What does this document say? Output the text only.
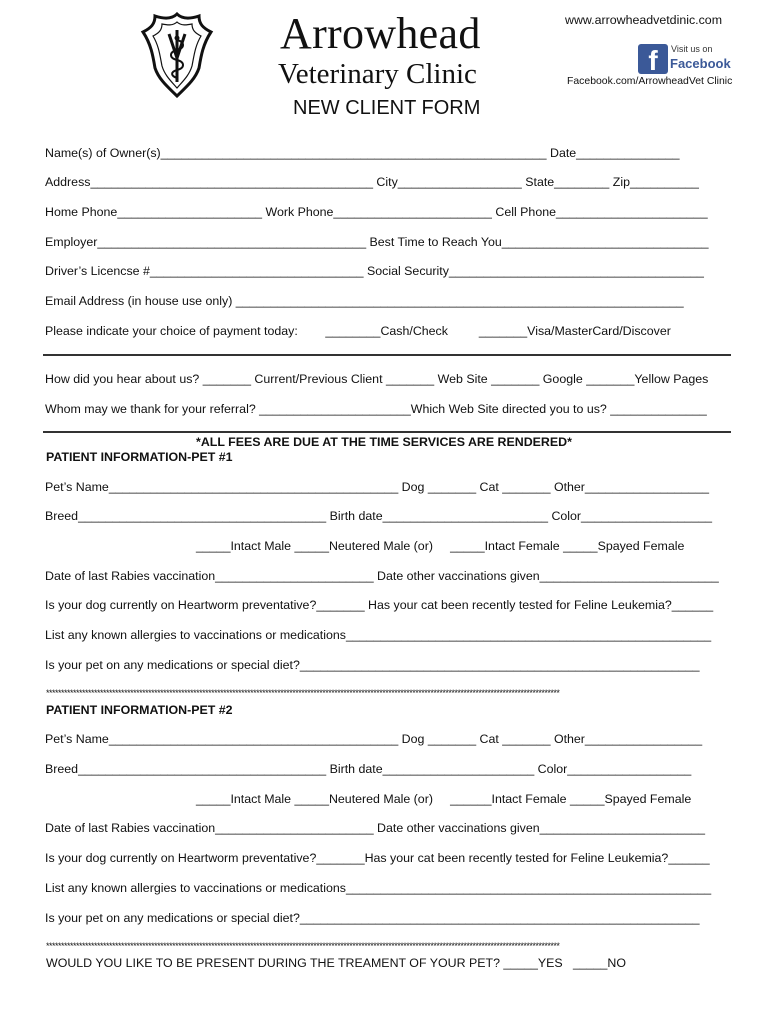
Arrowhead
Veterinary Clinic
NEW CLIENT FORM
www.arrowheadvetdinic.com
f	Visit us on
Facebook
Facebook.com/ArrowheadVet Clinic
Name(s) of Owner(s)________________________________________________________ Date_______________
Address_________________________________________ City__________________ State________ Zip__________
Home Phone_____________________ Work Phone_______________________ Cell Phone______________________
Employer_______________________________________ Best Time to Reach You______________________________
Driver’s Licencse #_______________________________ Social Security_____________________________________
Email Address (in house use only) _________________________________________________________________
Please indicate your choice of payment today:        ________Cash/Check         _______Visa/MasterCard/Discover
How did you hear about us? _______ Current/Previous Client _______ Web Site _______ Google _______Yellow Pages
Whom may we thank for your referral? ______________________Which Web Site directed you to us? ______________
*ALL FEES ARE DUE AT THE TIME SERVICES ARE RENDERED*
PATIENT INFORMATION-PET #1
Pet’s Name__________________________________________ Dog _______ Cat _______ Other__________________
Breed____________________________________ Birth date________________________ Color___________________
_____Intact Male _____Neutered Male (or)     _____Intact Female _____Spayed Female
Date of last Rabies vaccination_______________________ Date other vaccinations given__________________________
Is your dog currently on Heartworm preventative?_______ Has your cat been recently tested for Feline Leukemia?______
List any known allergies to vaccinations or medications_____________________________________________________
Is your pet on any medications or special diet?__________________________________________________________
***************************************************************************************************************************************************************************
PATIENT INFORMATION-PET #2
Pet’s Name__________________________________________ Dog _______ Cat _______ Other_________________
Breed____________________________________ Birth date______________________ Color__________________
_____Intact Male _____Neutered Male (or)     ______Intact Female _____Spayed Female
Date of last Rabies vaccination_______________________ Date other vaccinations given________________________
Is your dog currently on Heartworm preventative?_______Has your cat been recently tested for Feline Leukemia?______
List any known allergies to vaccinations or medications_____________________________________________________
Is your pet on any medications or special diet?__________________________________________________________
***************************************************************************************************************************************************************************
WOULD YOU LIKE TO BE PRESENT DURING THE TREAMENT OF YOUR PET? _____YES   _____NO
